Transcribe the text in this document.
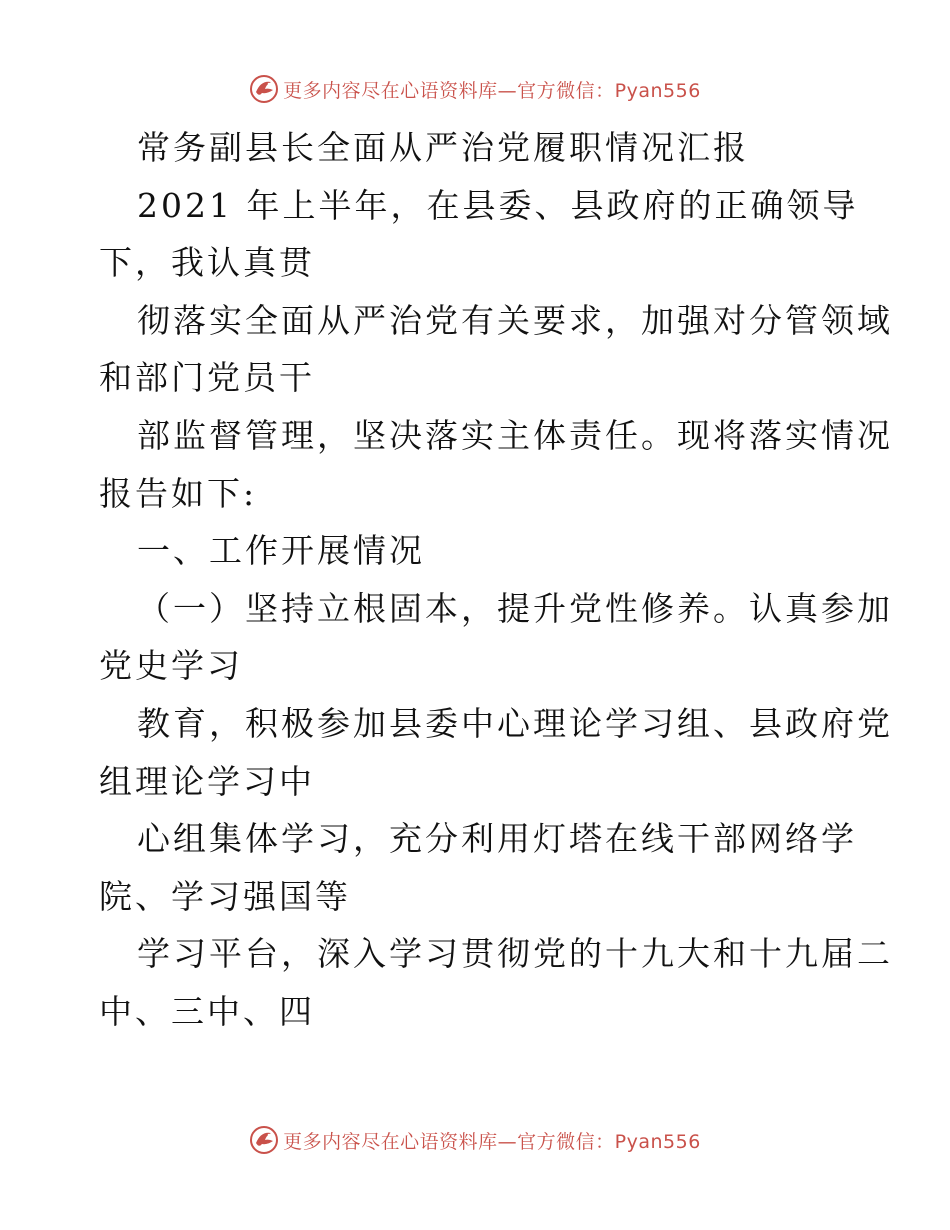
更多内容尽在心语资料库—官方微信：Pyan556
常务副县长全面从严治党履职情况汇报
2021 年上半年，在县委、县政府的正确领导
下，我认真贯
彻落实全面从严治党有关要求，加强对分管领域
和部门党员干
部监督管理，坚决落实主体责任。现将落实情况
报告如下:
一、工作开展情况
（一）坚持立根固本，提升党性修养。认真参加
党史学习
教育，积极参加县委中心理论学习组、县政府党
组理论学习中
心组集体学习，充分利用灯塔在线干部网络学
院、学习强国等
学习平台，深入学习贯彻党的十九大和十九届二
中、三中、四
更多内容尽在心语资料库—官方微信：Pyan556
